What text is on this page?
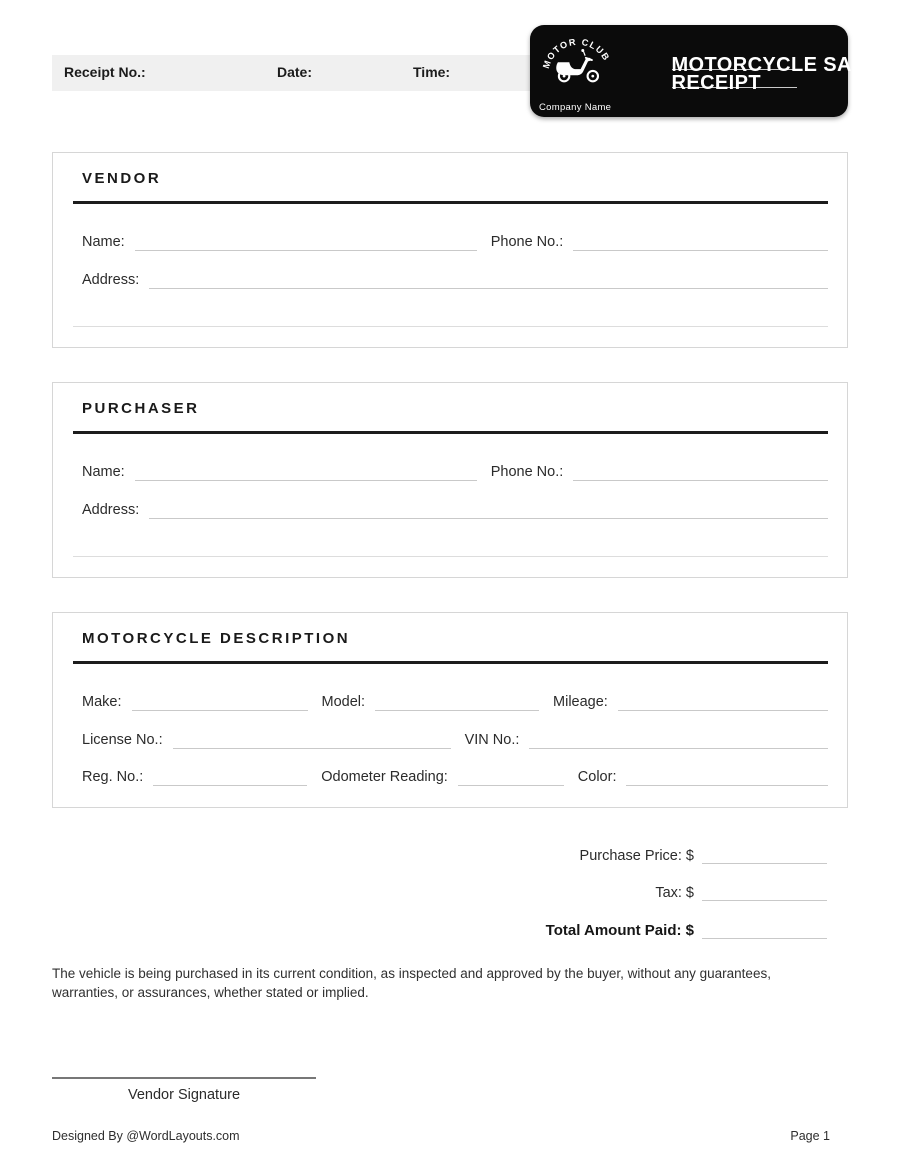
Receipt No.:	Date:	Time:
MOTOR CLUB
Company Name
MOTORCYCLE SALE
RECEIPT
VENDOR
Name:	Phone No.:
Address:
PURCHASER
Name:	Phone No.:
Address:
MOTORCYCLE DESCRIPTION
Make:	Model:	Mileage:
License No.:	VIN No.:
Reg. No.:	Odometer Reading:	Color:
Purchase Price: $
Tax: $
Total Amount Paid: $
The vehicle is being purchased in its current condition, as inspected and approved by the buyer, without any guarantees, warranties, or assurances, whether stated or implied.
Vendor Signature
Designed By @WordLayouts.com	Page 1
